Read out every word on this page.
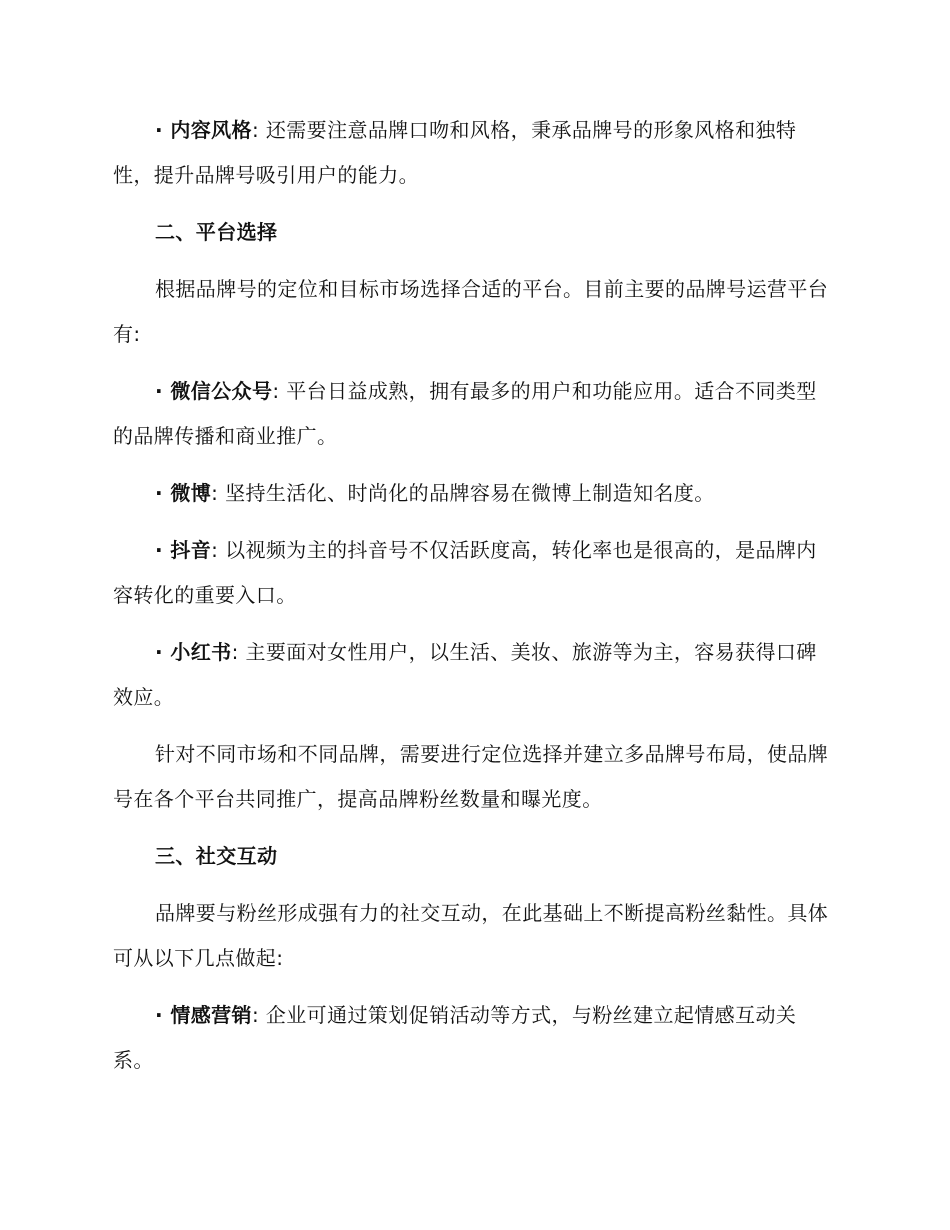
· 内容风格: 还需要注意品牌口吻和风格，秉承品牌号的形象风格和独特性，提升品牌号吸引用户的能力。

二、平台选择

根据品牌号的定位和目标市场选择合适的平台。目前主要的品牌号运营平台有:

· 微信公众号: 平台日益成熟，拥有最多的用户和功能应用。适合不同类型的品牌传播和商业推广。

· 微博: 坚持生活化、时尚化的品牌容易在微博上制造知名度。

· 抖音: 以视频为主的抖音号不仅活跃度高，转化率也是很高的，是品牌内容转化的重要入口。

· 小红书: 主要面对女性用户，以生活、美妆、旅游等为主，容易获得口碑效应。

针对不同市场和不同品牌，需要进行定位选择并建立多品牌号布局，使品牌号在各个平台共同推广，提高品牌粉丝数量和曝光度。

三、社交互动

品牌要与粉丝形成强有力的社交互动，在此基础上不断提高粉丝黏性。具体可从以下几点做起:

· 情感营销: 企业可通过策划促销活动等方式，与粉丝建立起情感互动关系。
